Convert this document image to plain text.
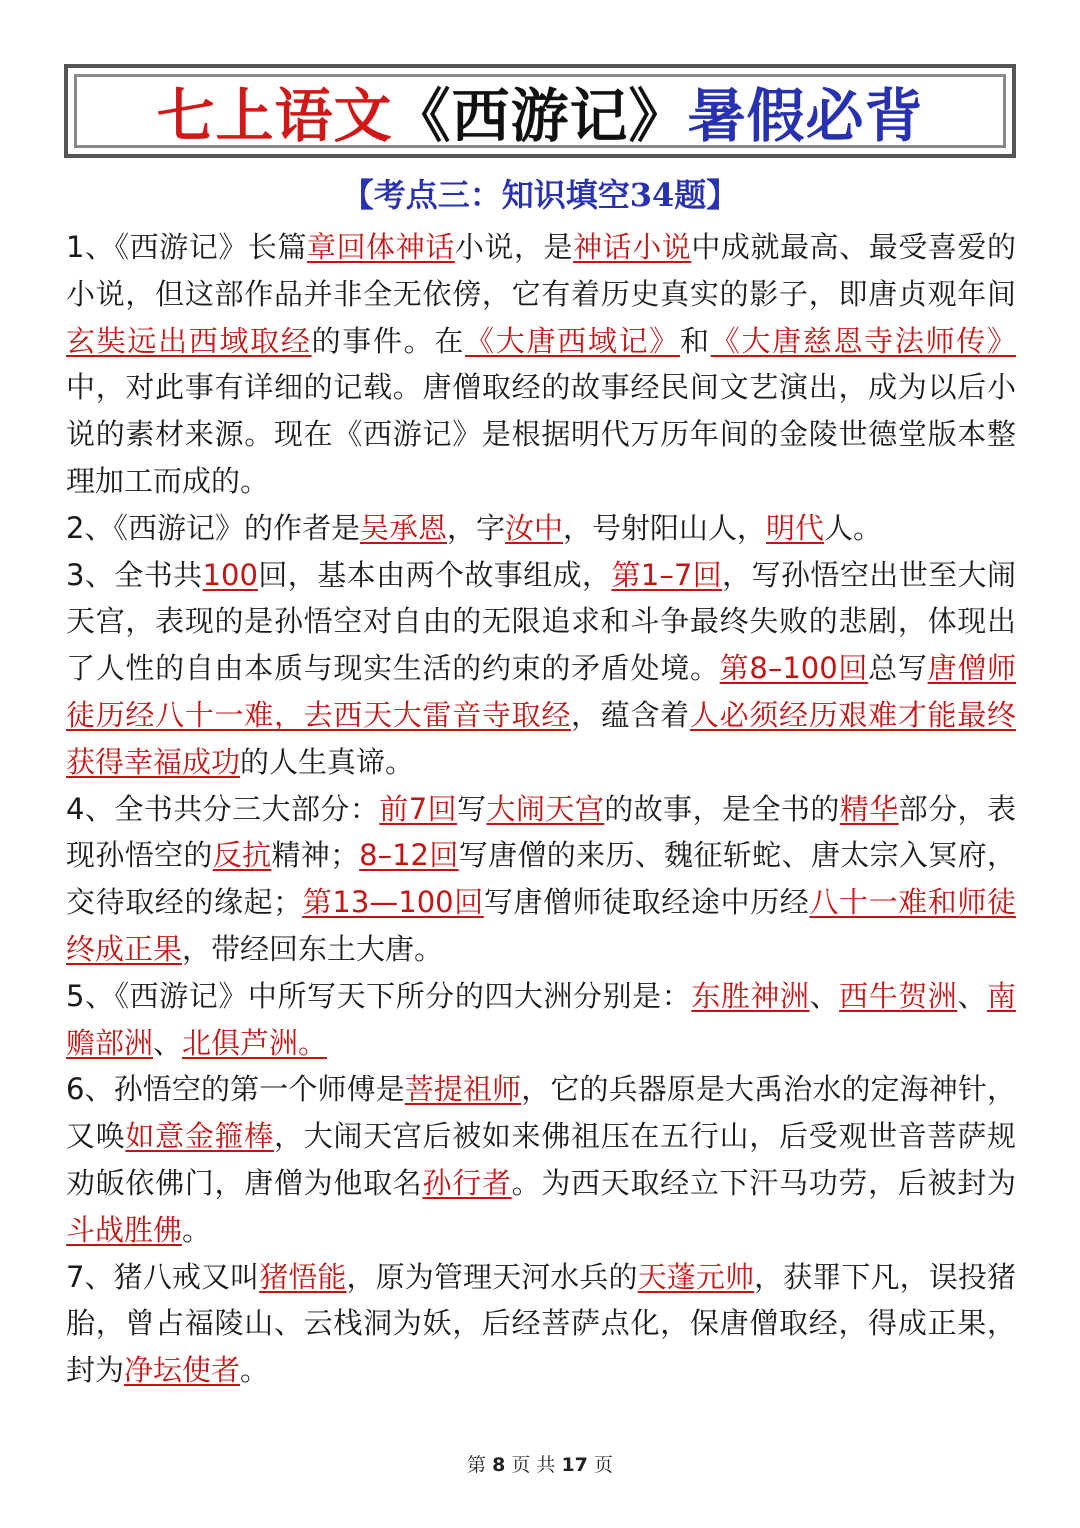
七上语文《西游记》暑假必背
【考点三：知识填空34题】

1、《西游记》长篇章回体神话小说，是神话小说中成就最高、最受喜爱的小说，但这部作品并非全无依傍，它有着历史真实的影子，即唐贞观年间玄奘远出西域取经的事件。在《大唐西域记》和《大唐慈恩寺法师传》中，对此事有详细的记载。唐僧取经的故事经民间文艺演出，成为以后小说的素材来源。现在《西游记》是根据明代万历年间的金陵世德堂版本整理加工而成的。

2、《西游记》的作者是吴承恩，字汝中，号射阳山人，明代人。

3、全书共100回，基本由两个故事组成，第1–7回，写孙悟空出世至大闹天宫，表现的是孙悟空对自由的无限追求和斗争最终失败的悲剧，体现出了人性的自由本质与现实生活的约束的矛盾处境。第8–100回总写唐僧师徒历经八十一难，去西天大雷音寺取经，蕴含着人必须经历艰难才能最终获得幸福成功的人生真谛。

4、全书共分三大部分：前7回写大闹天宫的故事，是全书的精华部分，表现孙悟空的反抗精神；8–12回写唐僧的来历、魏征斩蛇、唐太宗入冥府，交待取经的缘起；第13—100回写唐僧师徒取经途中历经八十一难和师徒终成正果，带经回东土大唐。

5、《西游记》中所写天下所分的四大洲分别是：东胜神洲、西牛贺洲、南赡部洲、北俱芦洲。

6、孙悟空的第一个师傅是菩提祖师，它的兵器原是大禹治水的定海神针，又唤如意金箍棒，大闹天宫后被如来佛祖压在五行山，后受观世音菩萨规劝皈依佛门，唐僧为他取名孙行者。为西天取经立下汗马功劳，后被封为斗战胜佛。

7、猪八戒又叫猪悟能，原为管理天河水兵的天蓬元帅，获罪下凡，误投猪胎，曾占福陵山、云栈洞为妖，后经菩萨点化，保唐僧取经，得成正果，封为净坛使者。

第 8 页 共 17 页
